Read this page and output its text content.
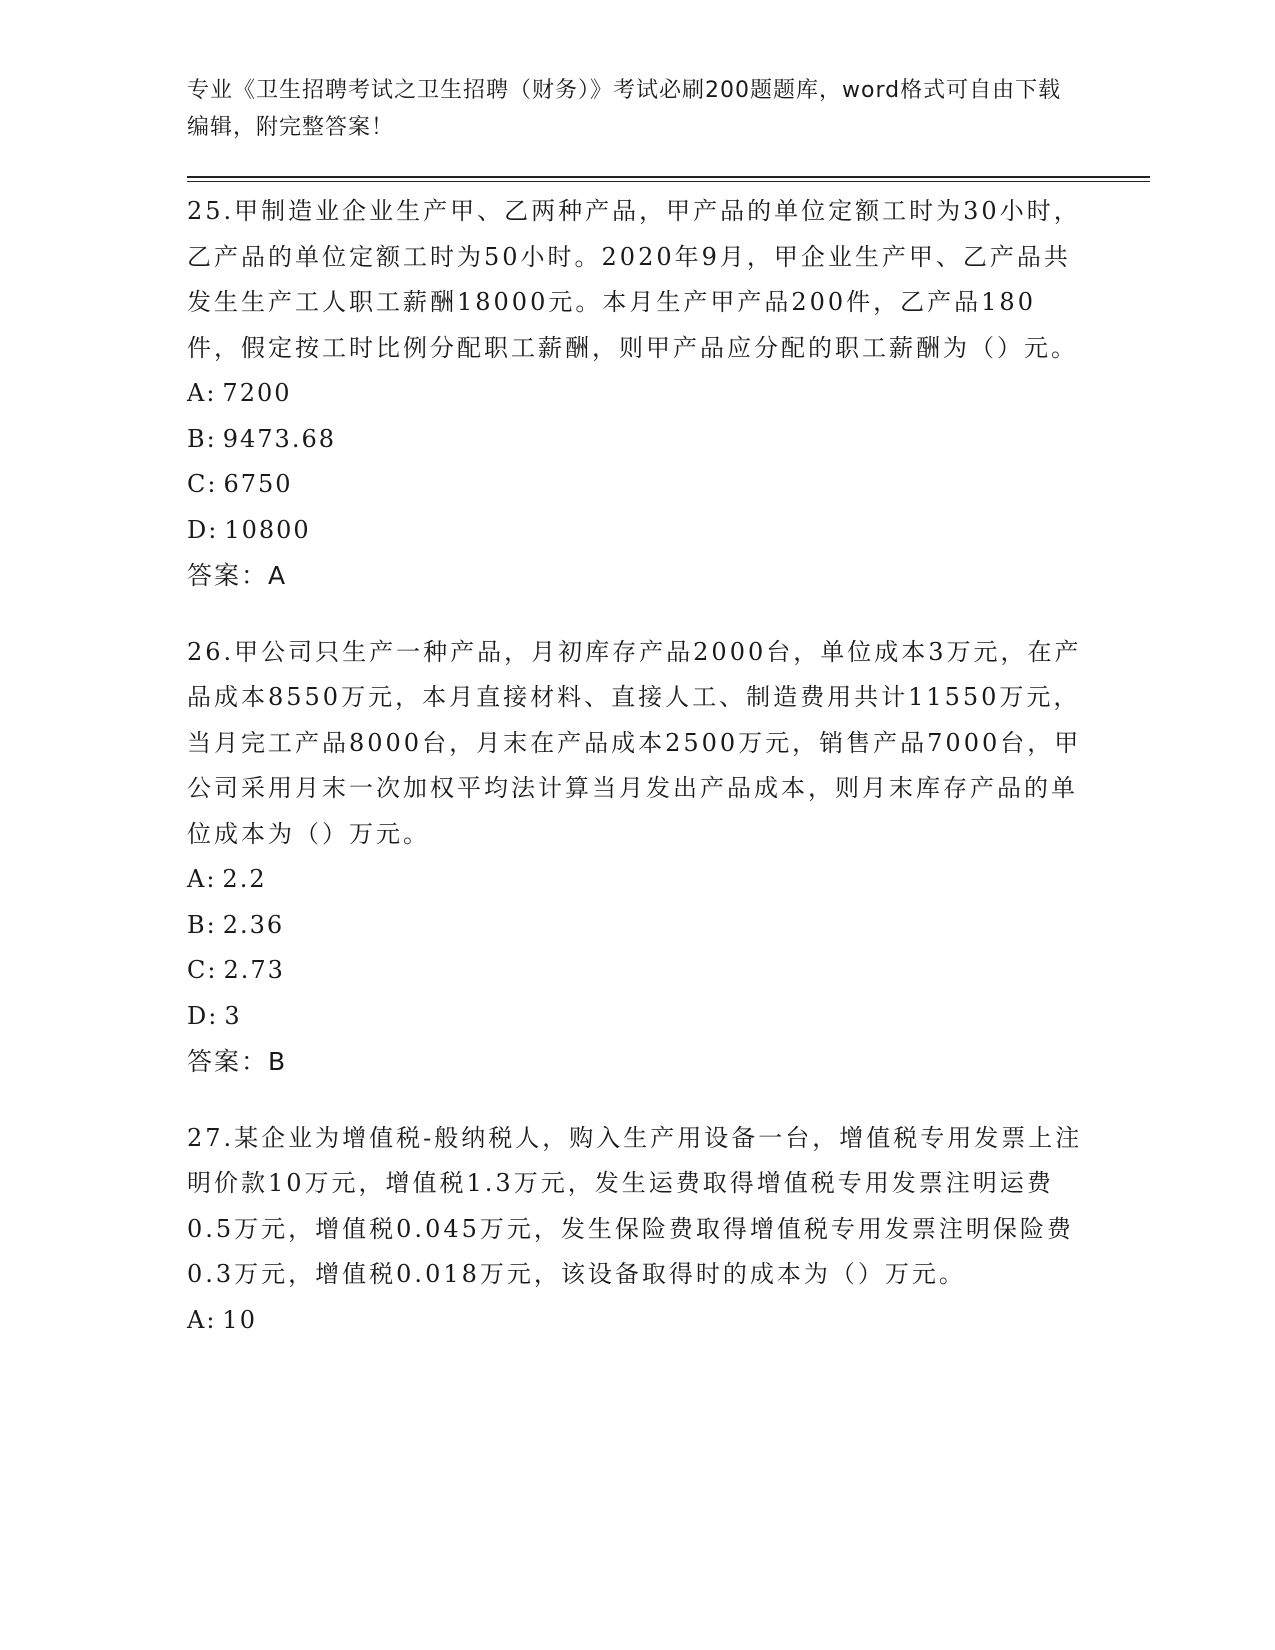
专业《卫生招聘考试之卫生招聘（财务）》考试必刷200题题库，word格式可自由下载编辑，附完整答案！

25.甲制造业企业生产甲、乙两种产品，甲产品的单位定额工时为30小时，乙产品的单位定额工时为50小时。2020年9月，甲企业生产甲、乙产品共发生生产工人职工薪酬18000元。本月生产甲产品200件，乙产品180件，假定按工时比例分配职工薪酬，则甲产品应分配的职工薪酬为（）元。

A: 7200

B: 9473.68

C: 6750

D: 10800

答案：A

26.甲公司只生产一种产品，月初库存产品2000台，单位成本3万元，在产品成本8550万元，本月直接材料、直接人工、制造费用共计11550万元，当月完工产品8000台，月末在产品成本2500万元，销售产品7000台，甲公司采用月末一次加权平均法计算当月发出产品成本，则月末库存产品的单位成本为（）万元。

A: 2.2

B: 2.36

C: 2.73

D: 3

答案：B

27.某企业为增值税-般纳税人，购入生产用设备一台，增值税专用发票上注明价款10万元，增值税1.3万元，发生运费取得增值税专用发票注明运费0.5万元，增值税0.045万元，发生保险费取得增值税专用发票注明保险费0.3万元，增值税0.018万元，该设备取得时的成本为（）万元。

A: 10
